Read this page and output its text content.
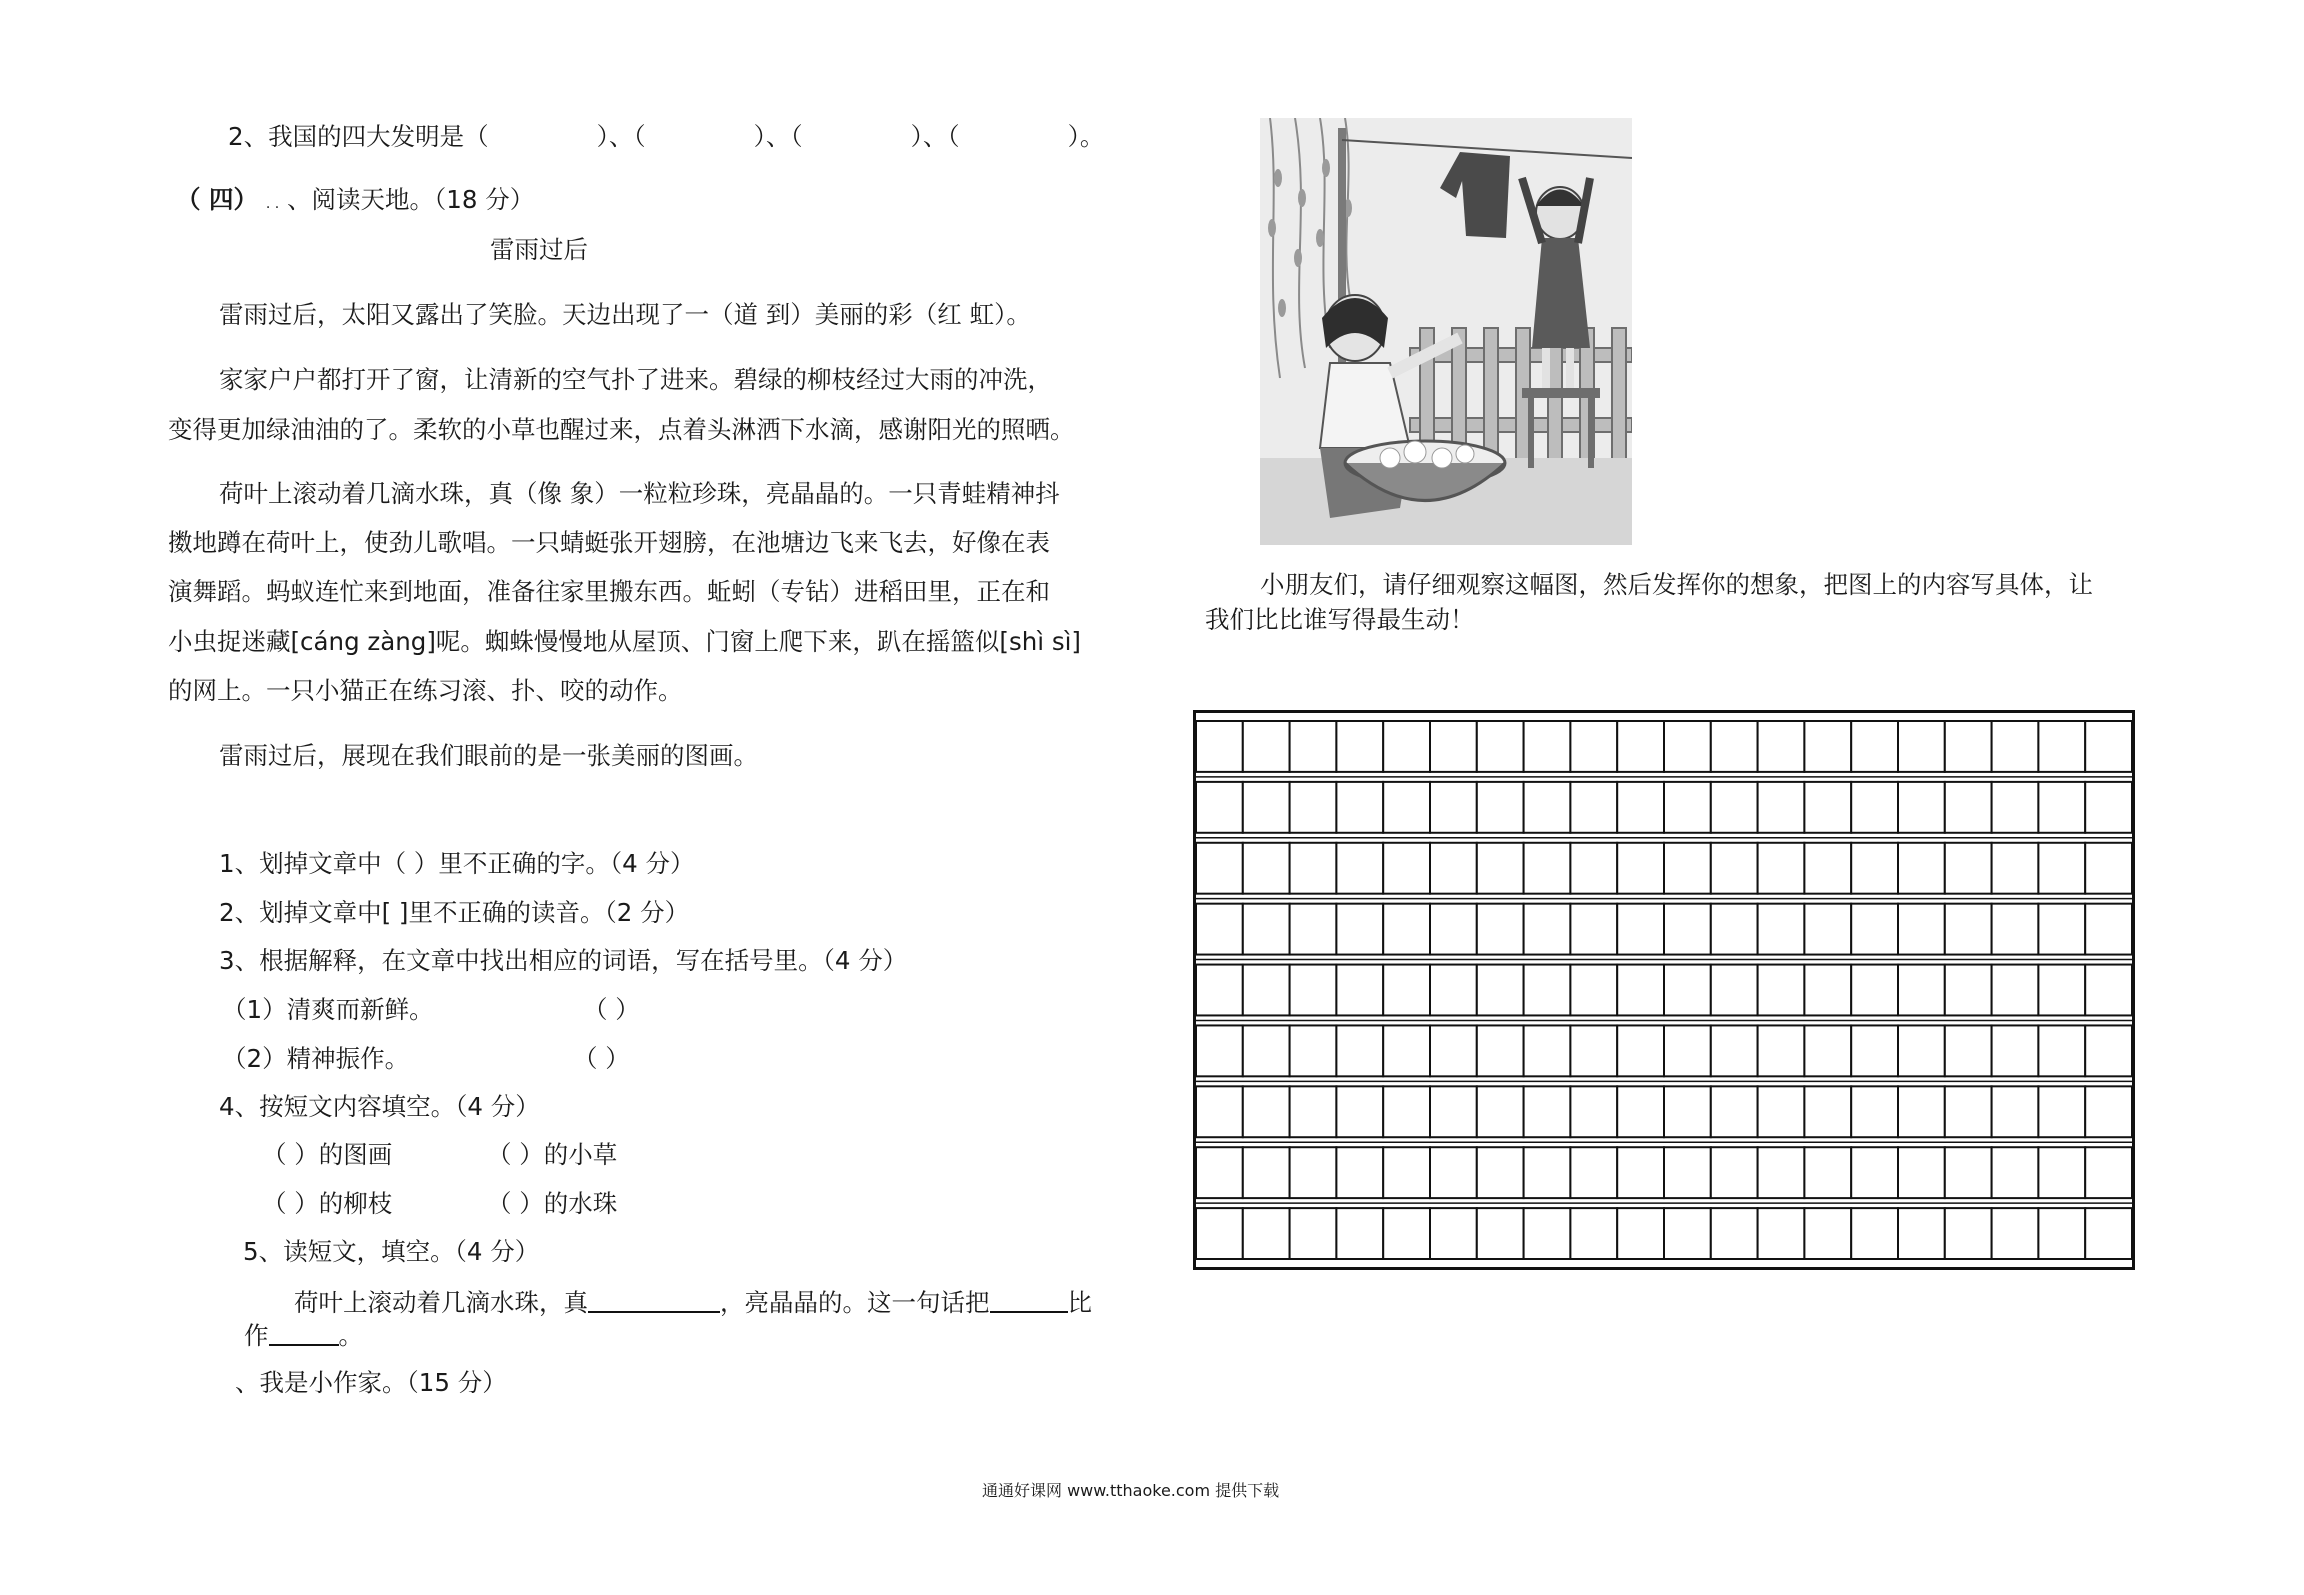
2、我国的四大发明是（	）、（	）、（	）、（	）。
（ 四） . . 、阅读天地。（18 分）
雷雨过后
雷雨过后，太阳又露出了笑脸。天边出现了一（道 到）美丽的彩（红 虹）。
家家户户都打开了窗，让清新的空气扑了进来。碧绿的柳枝经过大雨的冲洗，
变得更加绿油油的了。柔软的小草也醒过来，点着头淋洒下水滴，感谢阳光的照晒。
荷叶上滚动着几滴水珠，真（像 象）一粒粒珍珠，亮晶晶的。一只青蛙精神抖
擞地蹲在荷叶上，使劲儿歌唱。一只蜻蜓张开翅膀，在池塘边飞来飞去，好像在表
演舞蹈。蚂蚁连忙来到地面，准备往家里搬东西。蚯蚓（专钻）进稻田里，正在和
小虫捉迷藏[cáng zàng]呢。蜘蛛慢慢地从屋顶、门窗上爬下来，趴在摇篮似[shì sì]
的网上。一只小猫正在练习滚、扑、咬的动作。
雷雨过后，展现在我们眼前的是一张美丽的图画。
1、划掉文章中（ ）里不正确的字。（4 分）
2、划掉文章中[ ]里不正确的读音。（2 分）
3、根据解释，在文章中找出相应的词语，写在括号里。（4 分）
（1）清爽而新鲜。	（ ）
（2）精神振作。	（ ）
4、按短文内容填空。（4 分）
（ ）的图画	（ ）的小草
（ ）的柳枝	（ ）的水珠
5、读短文，填空。（4 分）
荷叶上滚动着几滴水珠，真	，亮晶晶的。这一句话把	比
作	。
、我是小作家。（15 分）
小朋友们，请仔细观察这幅图，然后发挥你的想象，把图上的内容写具体，让
我们比比谁写得最生动！
通通好课网 www.tthaoke.com 提供下载
